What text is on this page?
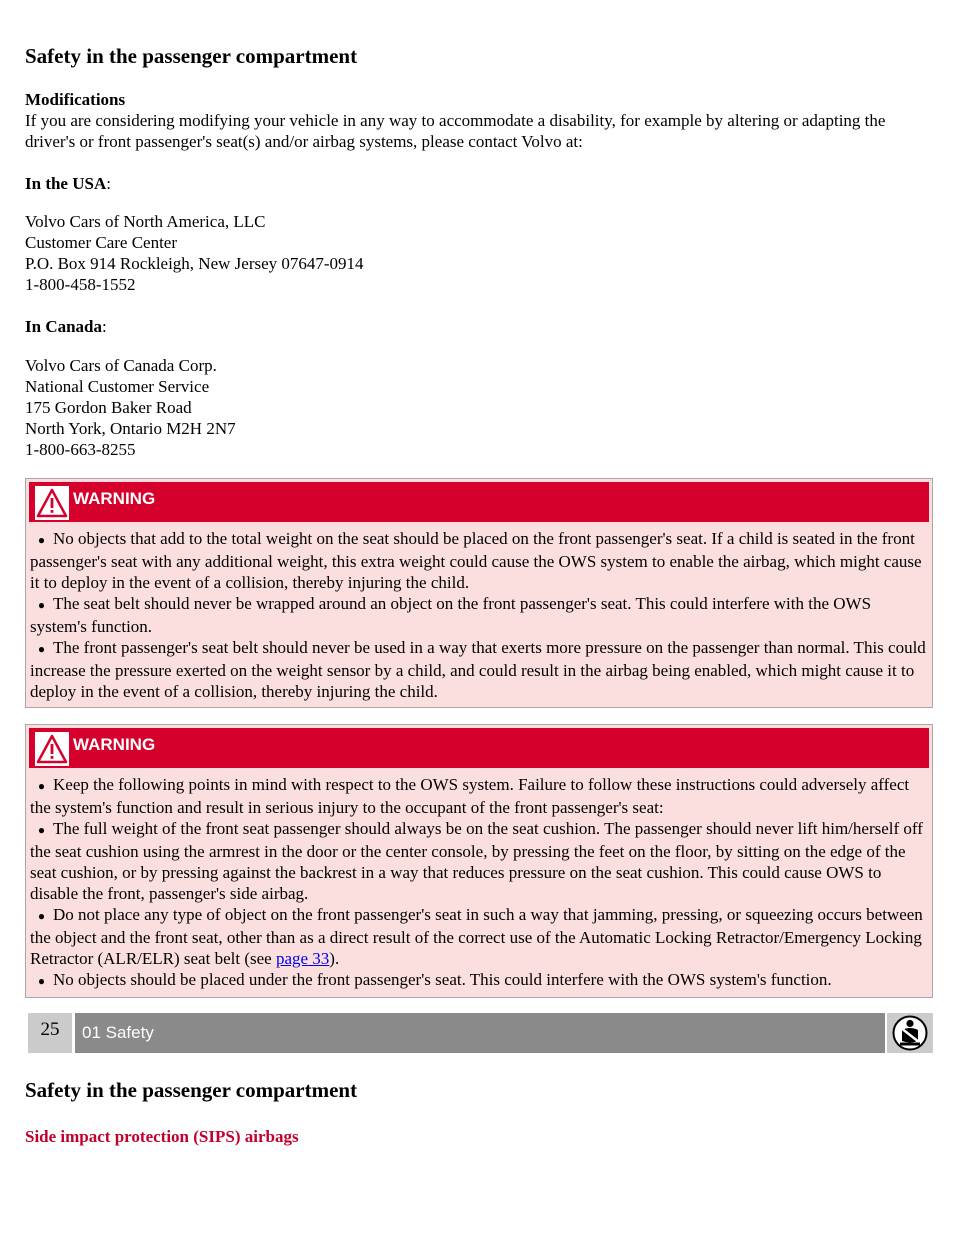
Safety in the passenger compartment
Modifications
If you are considering modifying your vehicle in any way to accommodate a disability, for example by altering or adapting the driver's or front passenger's seat(s) and/or airbag systems, please contact Volvo at:
In the USA:
Volvo Cars of North America, LLC
Customer Care Center
P.O. Box 914 Rockleigh, New Jersey 07647-0914
1-800-458-1552
In Canada:
Volvo Cars of Canada Corp.
National Customer Service
175 Gordon Baker Road
North York, Ontario M2H 2N7
1-800-663-8255
WARNING
● No objects that add to the total weight on the seat should be placed on the front passenger's seat. If a child is seated in the front passenger's seat with any additional weight, this extra weight could cause the OWS system to enable the airbag, which might cause it to deploy in the event of a collision, thereby injuring the child.
● The seat belt should never be wrapped around an object on the front passenger's seat. This could interfere with the OWS system's function.
● The front passenger's seat belt should never be used in a way that exerts more pressure on the passenger than normal. This could increase the pressure exerted on the weight sensor by a child, and could result in the airbag being enabled, which might cause it to deploy in the event of a collision, thereby injuring the child.
WARNING
● Keep the following points in mind with respect to the OWS system. Failure to follow these instructions could adversely affect the system's function and result in serious injury to the occupant of the front passenger's seat:
● The full weight of the front seat passenger should always be on the seat cushion. The passenger should never lift him/herself off the seat cushion using the armrest in the door or the center console, by pressing the feet on the floor, by sitting on the edge of the seat cushion, or by pressing against the backrest in a way that reduces pressure on the seat cushion. This could cause OWS to disable the front, passenger's side airbag.
● Do not place any type of object on the front passenger's seat in such a way that jamming, pressing, or squeezing occurs between the object and the front seat, other than as a direct result of the correct use of the Automatic Locking Retractor/Emergency Locking Retractor (ALR/ELR) seat belt (see page 33).
● No objects should be placed under the front passenger's seat. This could interfere with the OWS system's function.
25	01 Safety
Safety in the passenger compartment
Side impact protection (SIPS) airbags
